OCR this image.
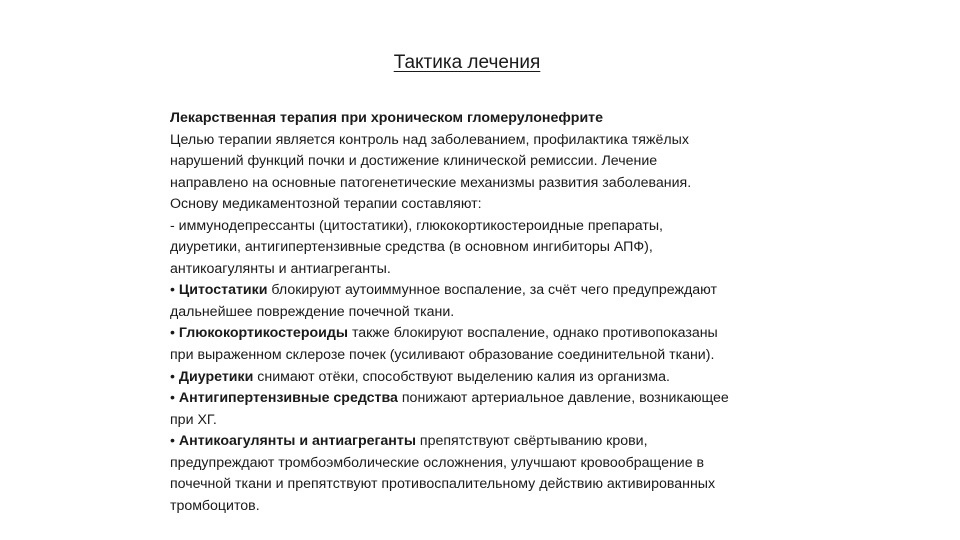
Тактика лечения
Лекарственная терапия при хроническом гломерулонефрите
Целью терапии является контроль над заболеванием, профилактика тяжёлых
нарушений функций почки и достижение клинической ремиссии. Лечение
направлено на основные патогенетические механизмы развития заболевания.
Основу медикаментозной терапии составляют:
- иммунодепрессанты (цитостатики), глюкокортикостероидные препараты,
диуретики, антигипертензивные средства (в основном ингибиторы АПФ),
антикоагулянты и антиагреганты.
• Цитостатики блокируют аутоиммунное воспаление, за счёт чего предупреждают
дальнейшее повреждение почечной ткани.
• Глюкокортикостероиды также блокируют воспаление, однако противопоказаны
при выраженном склерозе почек (усиливают образование соединительной ткани).
• Диуретики снимают отёки, способствуют выделению калия из организма.
• Антигипертензивные средства понижают артериальное давление, возникающее
при ХГ.
• Антикоагулянты и антиагреганты препятствуют свёртыванию крови,
предупреждают тромбоэмболические осложнения, улучшают кровообращение в
почечной ткани и препятствуют противоспалительному действию активированных
тромбоцитов.
